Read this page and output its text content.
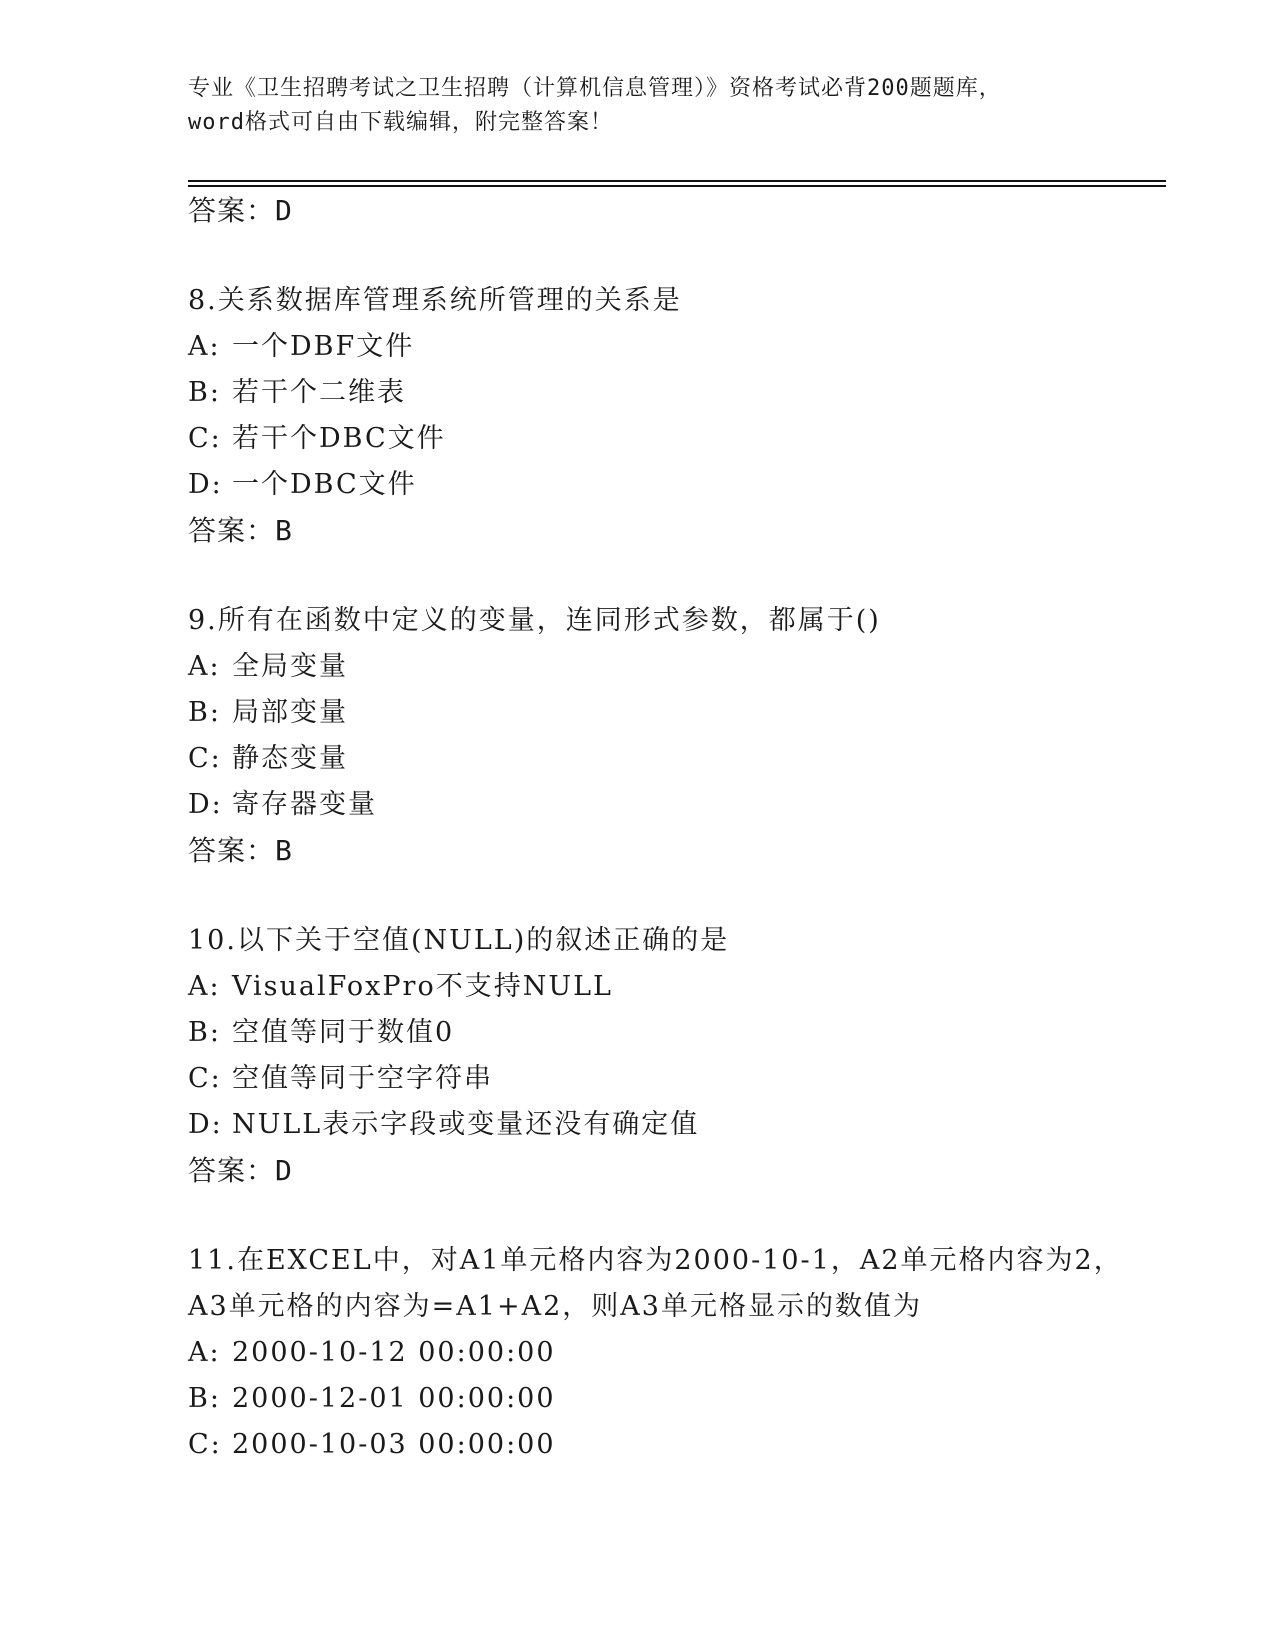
专业《卫生招聘考试之卫生招聘（计算机信息管理）》资格考试必背200题题库，
word格式可自由下载编辑，附完整答案！
答案：D
8.关系数据库管理系统所管理的关系是
A: 一个DBF文件
B: 若干个二维表
C: 若干个DBC文件
D: 一个DBC文件
答案：B
9.所有在函数中定义的变量，连同形式参数，都属于()
A: 全局变量
B: 局部变量
C: 静态变量
D: 寄存器变量
答案：B
10.以下关于空值(NULL)的叙述正确的是
A: VisualFoxPro不支持NULL
B: 空值等同于数值0
C: 空值等同于空字符串
D: NULL表示字段或变量还没有确定值
答案：D
11.在EXCEL中，对A1单元格内容为2000-10-1，A2单元格内容为2，
A3单元格的内容为=A1+A2，则A3单元格显示的数值为
A: 2000-10-12 00:00:00
B: 2000-12-01 00:00:00
C: 2000-10-03 00:00:00
